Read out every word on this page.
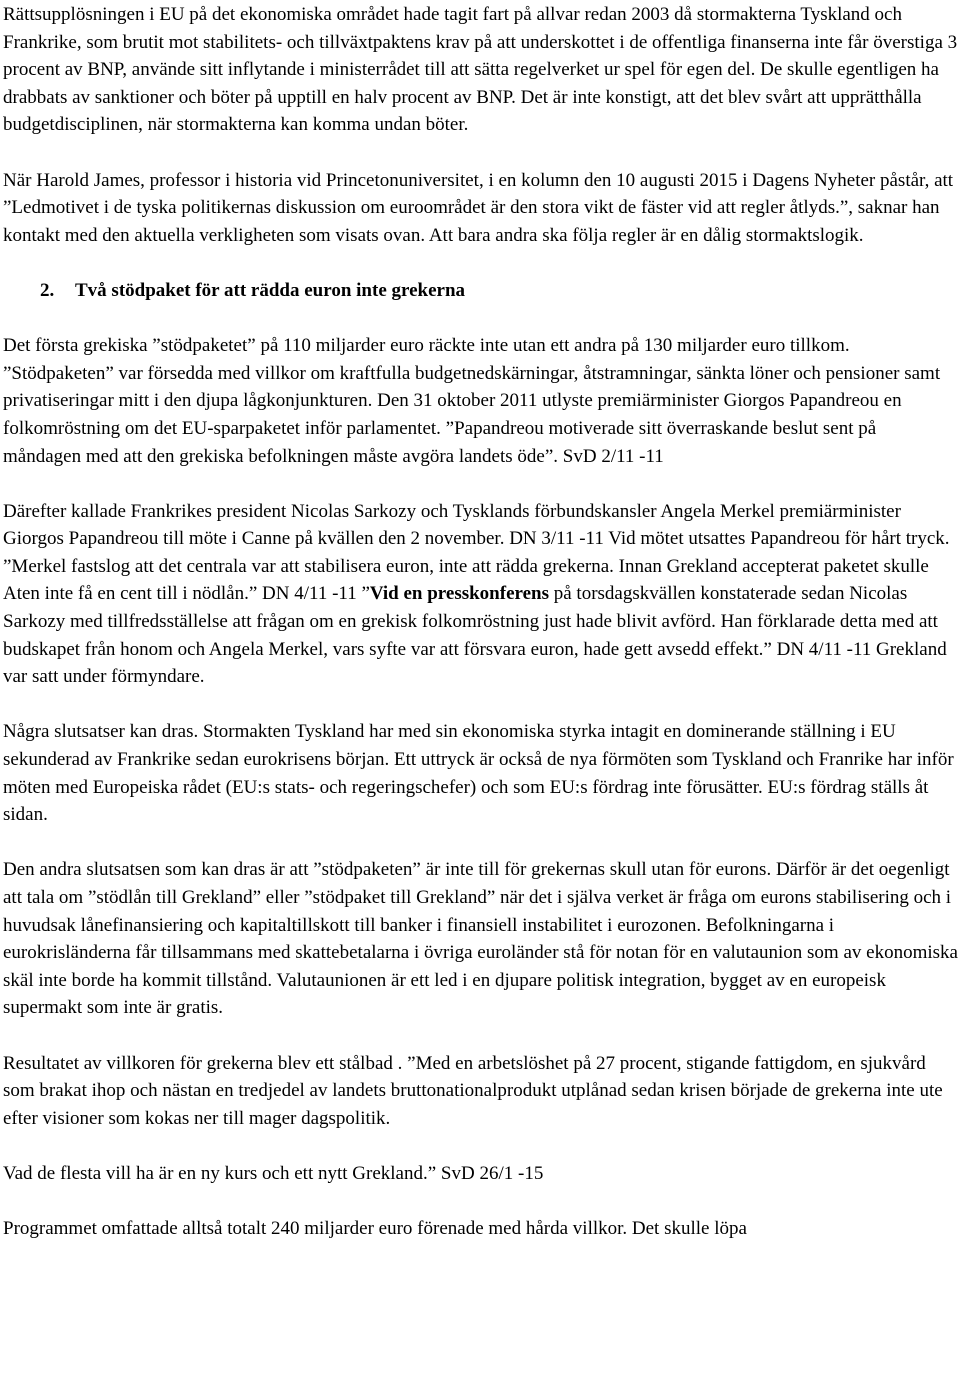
Rättsupplösningen i EU på det ekonomiska området hade tagit fart på allvar redan 2003 då stormakterna Tyskland och Frankrike, som brutit mot stabilitets- och tillväxtpaktens krav på att underskottet i de offentliga finanserna inte får överstiga 3 procent av BNP, använde sitt inflytande i ministerrådet till att sätta regelverket ur spel för egen del. De skulle egentligen ha drabbats av sanktioner och böter på upptill en halv procent av BNP. Det är inte konstigt, att det blev svårt att upprätthålla budgetdisciplinen, när stormakterna kan komma undan böter.

När Harold James, professor i historia vid Princetonuniversitet, i en kolumn den 10 augusti 2015 i Dagens Nyheter påstår, att ”Ledmotivet i de tyska politikernas diskussion om euroområdet är den stora vikt de fäster vid att regler åtlyds.”, saknar han kontakt med den aktuella verkligheten som visats ovan. Att bara andra ska följa regler är en dålig stormaktslogik.

2. Två stödpaket för att rädda euron inte grekerna

Det första grekiska ”stödpaketet” på 110 miljarder euro räckte inte utan ett andra på 130 miljarder euro tillkom. ”Stödpaketen” var försedda med villkor om kraftfulla budgetnedskärningar, åtstramningar, sänkta löner och pensioner samt privatiseringar mitt i den djupa lågkonjunkturen. Den 31 oktober 2011 utlyste premiärminister Giorgos Papandreou en folkomröstning om det EU-sparpaketet inför parlamentet. ”Papandreou motiverade sitt överraskande beslut sent på måndagen med att den grekiska befolkningen måste avgöra landets öde”. SvD 2/11 -11

Därefter kallade Frankrikes president Nicolas Sarkozy och Tysklands förbundskansler Angela Merkel premiärminister Giorgos Papandreou till möte i Canne på kvällen den 2 november. DN 3/11 -11 Vid mötet utsattes Papandreou för hårt tryck. ”Merkel fastslog att det centrala var att stabilisera euron, inte att rädda grekerna. Innan Grekland accepterat paketet skulle Aten inte få en cent till i nödlån.” DN 4/11 -11 ”Vid en presskonferens på torsdagskvällen konstaterade sedan Nicolas Sarkozy med tillfredsställelse att frågan om en grekisk folkomröstning just hade blivit avförd. Han förklarade detta med att budskapet från honom och Angela Merkel, vars syfte var att försvara euron, hade gett avsedd effekt.” DN 4/11 -11 Grekland var satt under förmyndare.

Några slutsatser kan dras. Stormakten Tyskland har med sin ekonomiska styrka intagit en dominerande ställning i EU sekunderad av Frankrike sedan eurokrisens början. Ett uttryck är också de nya förmöten som Tyskland och Franrike har inför möten med Europeiska rådet (EU:s stats- och regeringschefer) och som EU:s fördrag inte förusätter. EU:s fördrag ställs åt sidan.

Den andra slutsatsen som kan dras är att ”stödpaketen” är inte till för grekernas skull utan för eurons. Därför är det oegenligt att tala om ”stödlån till Grekland” eller ”stödpaket till Grekland” när det i själva verket är fråga om eurons stabilisering och i huvudsak lånefinansiering och kapitaltillskott till banker i finansiell instabilitet i eurozonen. Befolkningarna i eurokrisländerna får tillsammans med skattebetalarna i övriga euroländer stå för notan för en valutaunion som av ekonomiska skäl inte borde ha kommit tillstånd. Valutaunionen är ett led i en djupare politisk integration, bygget av en europeisk supermakt som inte är gratis.

Resultatet av villkoren för grekerna blev ett stålbad . ”Med en arbetslöshet på 27 procent, stigande fattigdom, en sjukvård som brakat ihop och nästan en tredjedel av landets bruttonationalprodukt utplånad sedan krisen började de grekerna inte ute efter visioner som kokas ner till mager dagspolitik.

Vad de flesta vill ha är en ny kurs och ett nytt Grekland.” SvD 26/1 -15

Programmet omfattade alltså totalt 240 miljarder euro förenade med hårda villkor. Det skulle löpa
